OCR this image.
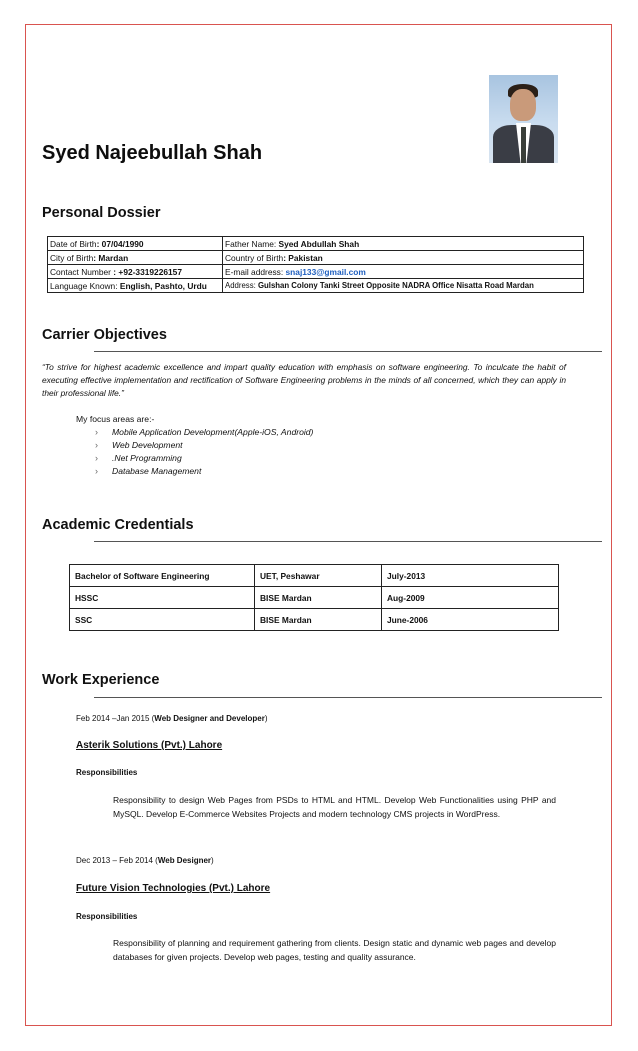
Syed Najeebullah Shah
Personal Dossier
Date of Birth: 07/04/1990	Father Name: Syed Abdullah Shah
City of Birth: Mardan	Country of Birth: Pakistan
Contact Number : +92-3319226157	E-mail address: snaj133@gmail.com
Language Known: English, Pashto, Urdu	Address: Gulshan Colony Tanki Street Opposite NADRA Office Nisatta Road Mardan
Carrier Objectives

“To strive for highest academic excellence and impart quality education with emphasis on software engineering. To inculcate the habit of executing effective implementation and rectification of Software Engineering problems in the minds of all concerned, which they can apply in their professional life.”

My focus areas are:-

›	Mobile Application Development(Apple-iOS, Android)
›	Web Development
›	.Net Programming
›	Database Management
Academic Credentials
Bachelor of Software Engineering	UET, Peshawar	July-2013
HSSC	BISE Mardan	Aug-2009
SSC	BISE Mardan	June-2006
Work Experience

Feb 2014 –Jan 2015 (Web Designer and Developer)

Asterik Solutions (Pvt.) Lahore

Responsibilities

Responsibility to design Web Pages from PSDs to HTML and HTML. Develop Web Functionalities using PHP and MySQL. Develop E-Commerce Websites Projects and modern technology CMS projects in WordPress.

Dec 2013 – Feb 2014 (Web Designer)

Future Vision Technologies (Pvt.) Lahore

Responsibilities

Responsibility of planning and requirement gathering from clients. Design static and dynamic web pages and develop databases for given projects. Develop web pages, testing and quality assurance.
